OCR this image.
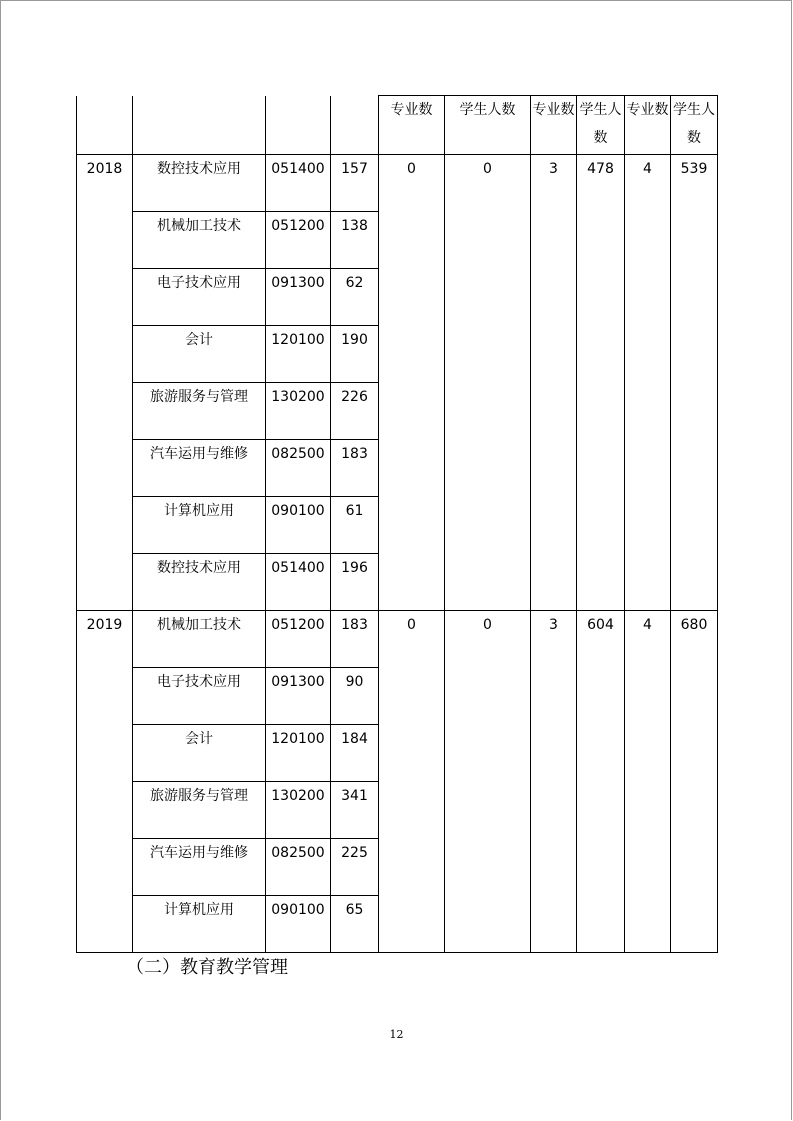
				专业数	学生人数	专业数	学生人数	专业数	学生人数
2018	数控技术应用	051400	157	0	0	3	478	4	539
	机械加工技术	051200	138						
	电子技术应用	091300	62						
	会计	120100	190						
	旅游服务与管理	130200	226						
	汽车运用与维修	082500	183						
	计算机应用	090100	61						
	数控技术应用	051400	196						
2019	机械加工技术	051200	183	0	0	3	604	4	680
	电子技术应用	091300	90						
	会计	120100	184						
	旅游服务与管理	130200	341						
	汽车运用与维修	082500	225						
	计算机应用	090100	65						
（二）教育教学管理
12
